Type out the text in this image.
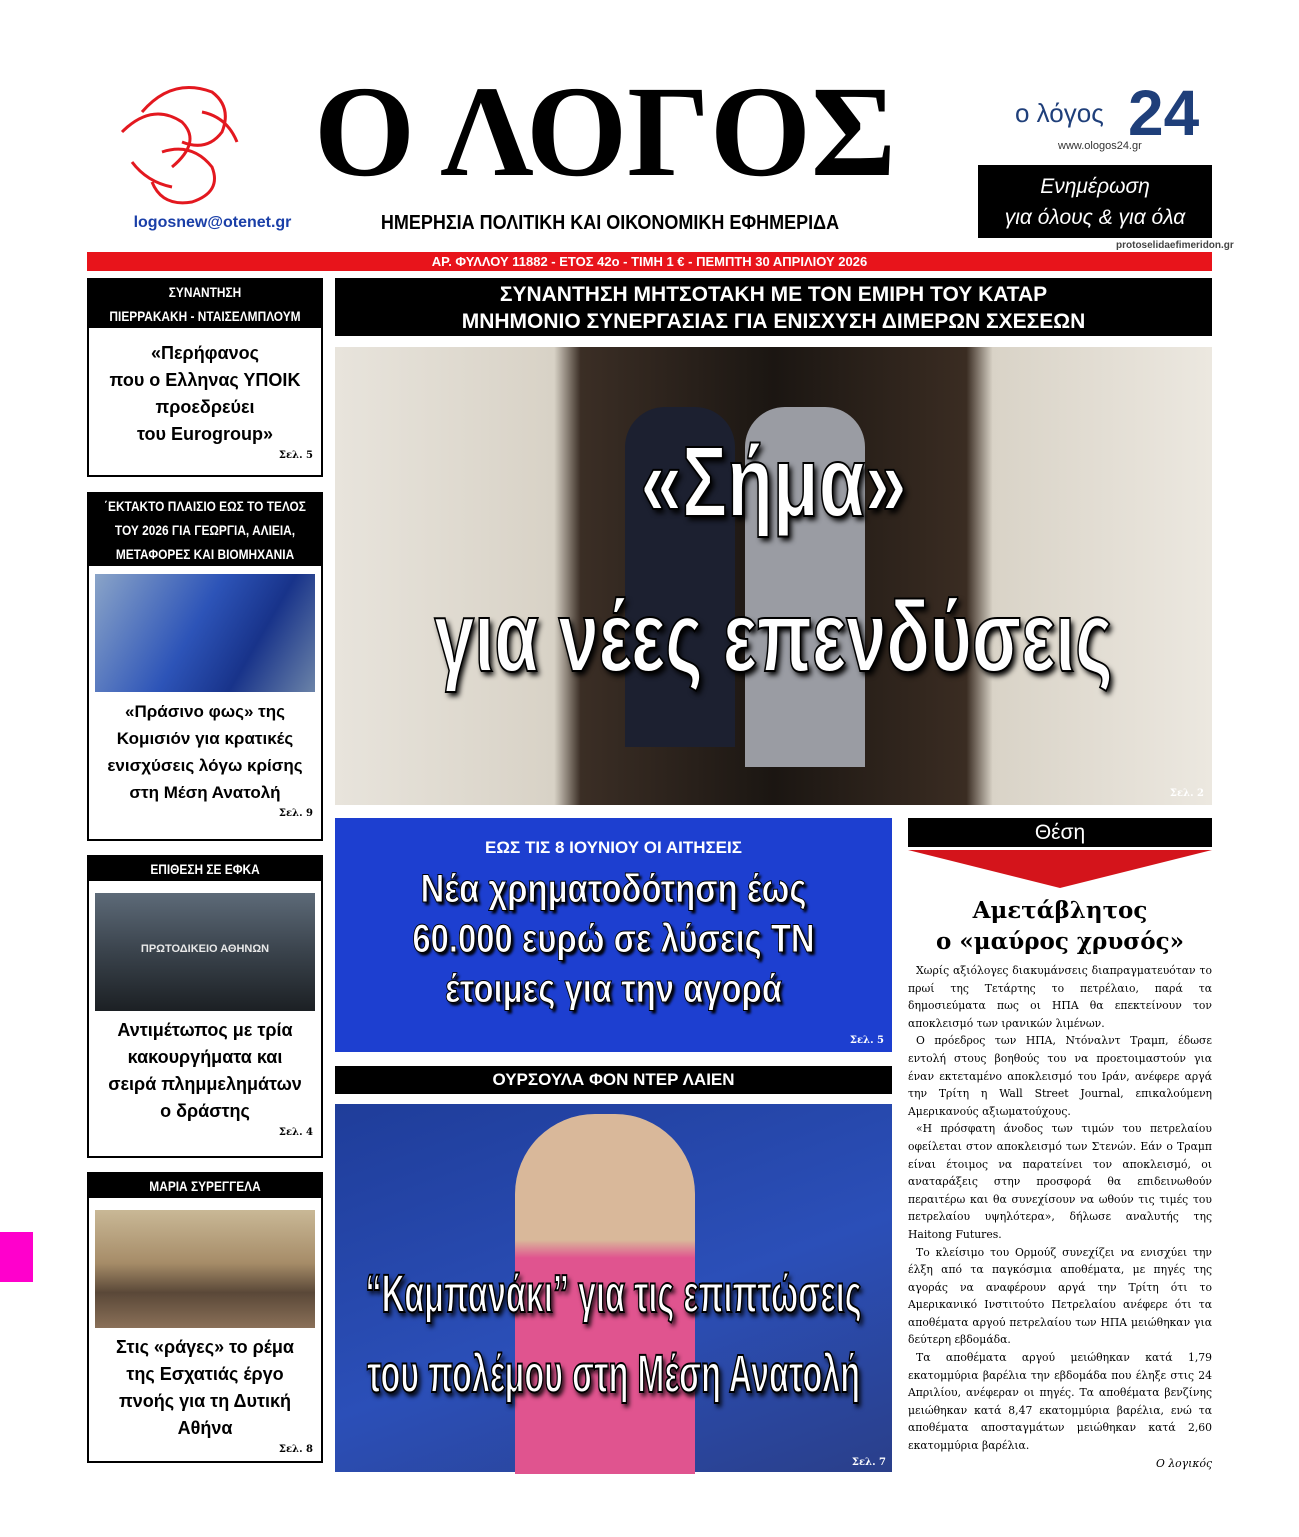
logosnew@otenet.gr
Ο ΛΟΓΟΣ
ΗΜΕΡΗΣΙΑ ΠΟΛΙΤΙΚΗ ΚΑΙ ΟΙΚΟΝΟΜΙΚΗ ΕΦΗΜΕΡΙΔΑ
ο λόγος 24
www.ologos24.gr
Ενημέρωση
για όλους & για όλα
protoselidaefimeridon.gr
ΑΡ. ΦΥΛΛΟΥ 11882 - ΕΤΟΣ 42ο - ΤΙΜΗ 1 € - ΠΕΜΠΤΗ 30 ΑΠΡΙΛΙΟΥ 2026
ΣΥΝΑΝΤΗΣΗ
ΠΙΕΡΡΑΚΑΚΗ - ΝΤΑΙΣΕΛΜΠΛΟΥΜ
«Περήφανος
που ο Ελληνας ΥΠΟΙΚ
προεδρεύει
του Eurogroup»
Σελ. 5
΄ΕΚΤΑΚΤΟ ΠΛΑΙΣΙΟ ΕΩΣ ΤΟ ΤΕΛΟΣ
ΤΟΥ 2026 ΓΙΑ ΓΕΩΡΓΙΑ, ΑΛΙΕΙΑ,
ΜΕΤΑΦΟΡΕΣ ΚΑΙ ΒΙΟΜΗΧΑΝΙΑ
«Πράσινο φως» της
Κομισιόν για κρατικές
ενισχύσεις λόγω κρίσης
στη Μέση Ανατολή
Σελ. 9
ΕΠΙΘΕΣΗ ΣΕ ΕΦΚΑ
ΠΡΩΤΟΔΙΚΕΙΟ ΑΘΗΝΩΝ
Αντιμέτωπος με τρία
κακουργήματα και
σειρά πλημμελημάτων
ο δράστης
Σελ. 4
ΜΑΡΙΑ ΣΥΡΕΓΓΕΛΑ
Στις «ράγες» το ρέμα
της Εσχατιάς έργο
πνοής για τη Δυτική
Αθήνα
Σελ. 8
ΣΥΝΑΝΤΗΣΗ ΜΗΤΣΟΤΑΚΗ ΜΕ ΤΟΝ ΕΜΙΡΗ ΤΟΥ ΚΑΤΑΡ
ΜΝΗΜΟΝΙΟ ΣΥΝΕΡΓΑΣΙΑΣ ΓΙΑ ΕΝΙΣΧΥΣΗ ΔΙΜΕΡΩΝ ΣΧΕΣΕΩΝ
«Σήμα»
για νέες επενδύσεις
Σελ. 2
ΕΩΣ ΤΙΣ 8 ΙΟΥΝΙΟΥ ΟΙ ΑΙΤΗΣΕΙΣ
Νέα χρηματοδότηση έως
60.000 ευρώ σε λύσεις ΤΝ
έτοιμες για την αγορά
Σελ. 5
ΟΥΡΣΟΥΛΑ ΦΟΝ ΝΤΕΡ ΛΑΙΕΝ
“Καμπανάκι” για τις επιπτώσεις
του πολέμου στη Μέση Ανατολή
Σελ. 7
Θέση
Αμετάβλητος
ο «μαύρος χρυσός»

Χωρίς αξιόλογες διακυμάνσεις διαπραγματευόταν το πρωί της Τετάρτης το πετρέλαιο, παρά τα δημοσιεύματα πως οι ΗΠΑ θα επεκτείνουν τον αποκλεισμό των ιρανικών λιμένων.

Ο πρόεδρος των ΗΠΑ, Ντόναλντ Τραμπ, έδωσε εντολή στους βοηθούς του να προετοιμαστούν για έναν εκτεταμένο αποκλεισμό του Ιράν, ανέφερε αργά την Τρίτη η Wall Street Journal, επικαλούμενη Αμερικανούς αξιωματούχους.

«Η πρόσφατη άνοδος των τιμών του πετρελαίου οφείλεται στον αποκλεισμό των Στενών. Εάν ο Τραμπ είναι έτοιμος να παρατείνει τον αποκλεισμό, οι αναταράξεις στην προσφορά θα επιδεινωθούν περαιτέρω και θα συνεχίσουν να ωθούν τις τιμές του πετρελαίου υψηλότερα», δήλωσε αναλυτής της Haitong Futures.

Το κλείσιμο του Ορμούζ συνεχίζει να ενισχύει την έλξη από τα παγκόσμια αποθέματα, με πηγές της αγοράς να αναφέρουν αργά την Τρίτη ότι το Αμερικανικό Ινστιτούτο Πετρελαίου ανέφερε ότι τα αποθέματα αργού πετρελαίου των ΗΠΑ μειώθηκαν για δεύτερη εβδομάδα.

Τα αποθέματα αργού μειώθηκαν κατά 1,79 εκατομμύρια βαρέλια την εβδομάδα που έληξε στις 24 Απριλίου, ανέφεραν οι πηγές. Τα αποθέματα βενζίνης μειώθηκαν κατά 8,47 εκατομμύρια βαρέλια, ενώ τα αποθέματα αποσταγμάτων μειώθηκαν κατά 2,60 εκατομμύρια βαρέλια.

Ο λογικός
